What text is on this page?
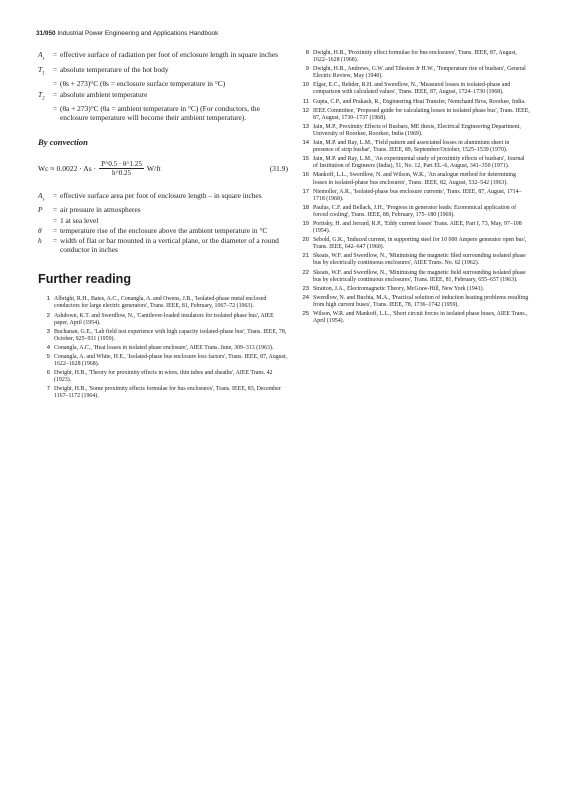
31/950 Industrial Power Engineering and Applications Handbook
$A_s$	= effective surface of radiation per foot of enclosure length in square inches
$T_1$	= absolute temperature of the hot body
= (θs + 273)°C (θs = enclosure surface temperature in °C)
$T_2$	= absolute ambient temperature
= (θa + 273)°C (θa = ambient temperature in °C) (For conductors, the enclosure temperature will become their ambient temperature).
By convection
$Wc \approx 0.0022 \cdot As \cdot \frac{P\^{}0.5 \cdot \theta\^{}1.25}{h\^{}0.25} W/ft$	(31.9)
$A_s$	= effective surface area per foot of enclosure length – in square inches
P	= air pressure in atmospheres
= 1 at sea level
θ	= temperature rise of the enclosure above the ambient temperature in °C
h	= width of flat or bar mounted in a vertical plane, or the diameter of a round conductor in inches
Further reading
1 Albright, R.H., Bates, A.C., Conangla, A. and Owens, J.B., 'Isolated-phase metal enclosed conductors for large electric generators', Trans. IEEE, 81, February, 1067–72 (1963).
2 Ashdown, K.T. and Swerdlow, N., 'Cantilever-loaded insulators for isolated phase bus', AIEE paper, April (1954).
3 Buchanan, G.E., 'Lab field test experience with high capacity isolated-phase bus', Trans. IEEE, 78, October, 925–931 (1959).
4 Conangla, A.C., 'Heat losses in isolated phase enclosure', AIEE Trans. June, 309–313 (1963).
5 Conangla, A. and White, H.E., 'Isolated-phase bus enclosure loss factors', Trans. IEEE, 87, August, 1622–1628 (1968).
6 Dwight, H.B., 'Theory for proximity effects in wires, thin tubes and sheaths', AIEE Trans. 42 (1923).
7 Dwight, H.B., 'Some proximity effects formulae for bus enclosures', Trans. IEEE, 83, December 1167–1172 (1964).
8 Dwight, H.B., 'Proximity effect formulae for bus enclosures', Trans. IEEE, 87, August, 1622–1628 (1968).
9 Dwight, H.B., Andrews, G.W. and Tileston Jr H.W., 'Temperature rise of busbars', General Electric Review, May (1940).
10 Elgar, E.C., Rehder, R.H. and Swerdlow, N., 'Measured losses in isolated-phase and comparison with calculated values', Trans. IEEE, 87, August, 1724–1730 (1968).
11 Gupta, C.P., and Prakash, R., Engineering Heat Transfer, Nemchand Bros, Roorkee, India.
12 IEEE Committee, 'Proposed guide for calculating losses in isolated phase bus', Trans. IEEE, 87, August, 1730–1737 (1968).
13 Jain, M.P., Proximity Effects of Busbars, ME thesis, Electrical Engineering Department, University of Roorkee, Roorkee, India (1969).
14 Jain, M.P. and Ray, L.M., 'Field pattern and associated losses in aluminium sheet in presence of strip busbar', Trans. IEEE, 89, September/October, 1525–1539 (1970).
15 Jain, M.P. and Ray, L.M., 'An experimental study of proximity effects of busbars', Journal of Institution of Engineers (India), 51, No. 12, Part EL–6, August, 341–350 (1971).
16 Mankoff, L.L., Swerdlow, N. and Wilson, W.R., 'An analogue method for determining losses in isolated-phase bus enclosures', Trans. IEEE, 82, August, 532–542 (1963).
17 Niemoller, A.R., 'Isolated-phase bus enclosure currents', Trans. IEEE, 87, August, 1714–1718 (1968).
18 Paulus, C.F. and Bellack, J.H., 'Progress in generator leads: Economical application of forced cooling', Trans. IEEE, 88, February, 175–180 (1969).
19 Poritsky, H. and Jerrard, R.P., 'Eddy current losses' Trans. AIEE, Part I, 73, May, 97–108 (1954).
20 Sebold, G.K., 'Induced current, in supporting steel for 10 000 Ampere generator open bus', Trans. IEEE, 642–647 (1960).
21 Skeats, W.F. and Swerdlow, N., 'Minimising the magnetic filed surrounding isolated phase bus by electrically continuous enclosures', AIEE Trans. No. 62 (1962).
22 Skeats, W.F. and Swerdlow, N., 'Minimising the magnetic field surrounding isolated phase bus by electrically continuous enclosures', Trans. IEEE, 81, February, 655–657 (1963).
23 Stratton, J.A., Electromagnetic Theory, McGraw-Hill, New York (1941).
24 Swerdlow, N. and Buchta, M.A., 'Practical solution of induction heating problems resulting from high current buses', Trans. IEEE, 78, 1736–1742 (1959).
25 Wilson, W.R. and Mankoff, L.L., 'Short circuit forces in isolated phase buses, AIEE Trans., April (1954).
